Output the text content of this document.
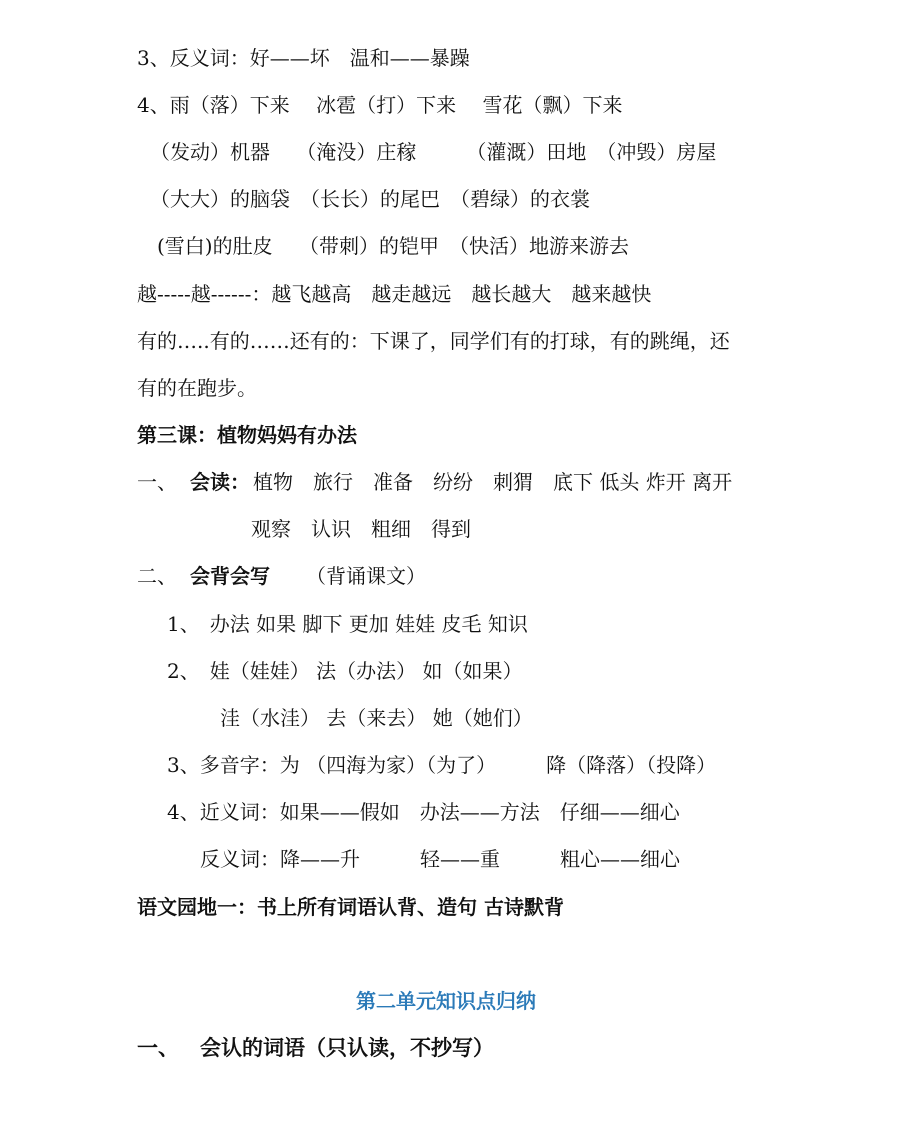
3、反义词：好——坏　温和——暴躁
4、雨（落）下来　 冰雹（打）下来　 雪花（飘）下来
（发动）机器　 （淹没）庄稼　　　（灌溉）田地　（冲毁）房屋
（大大）的脑袋　（长长）的尾巴　（碧绿）的衣裳
(雪白)的肚皮　 （带刺）的铠甲　（快活）地游来游去
越-----越------：越飞越高　越走越远　越长越大　越来越快
有的…..有的……还有的：下课了，同学们有的打球，有的跳绳，还
有的在跑步。
第三课：植物妈妈有办法
一、 会读： 植物　旅行　准备　纷纷　刺猬　底下 低头 炸开 离开
观察　认识　粗细　得到
二、 会背会写 （背诵课文）
1、　办法 如果 脚下 更加 娃娃 皮毛 知识
2、　娃（娃娃） 法（办法） 如（如果）
洼（水洼） 去（来去） 她（她们）
3、多音字：为 （四海为家）（为了）　　　降（降落）（投降）
4、近义词：如果——假如　办法——方法　仔细——细心
反义词：降——升　　　轻——重　　　粗心——细心
语文园地一：书上所有词语认背、造句 古诗默背
第二单元知识点归纳
一、 会认的词语（只认读，不抄写）
